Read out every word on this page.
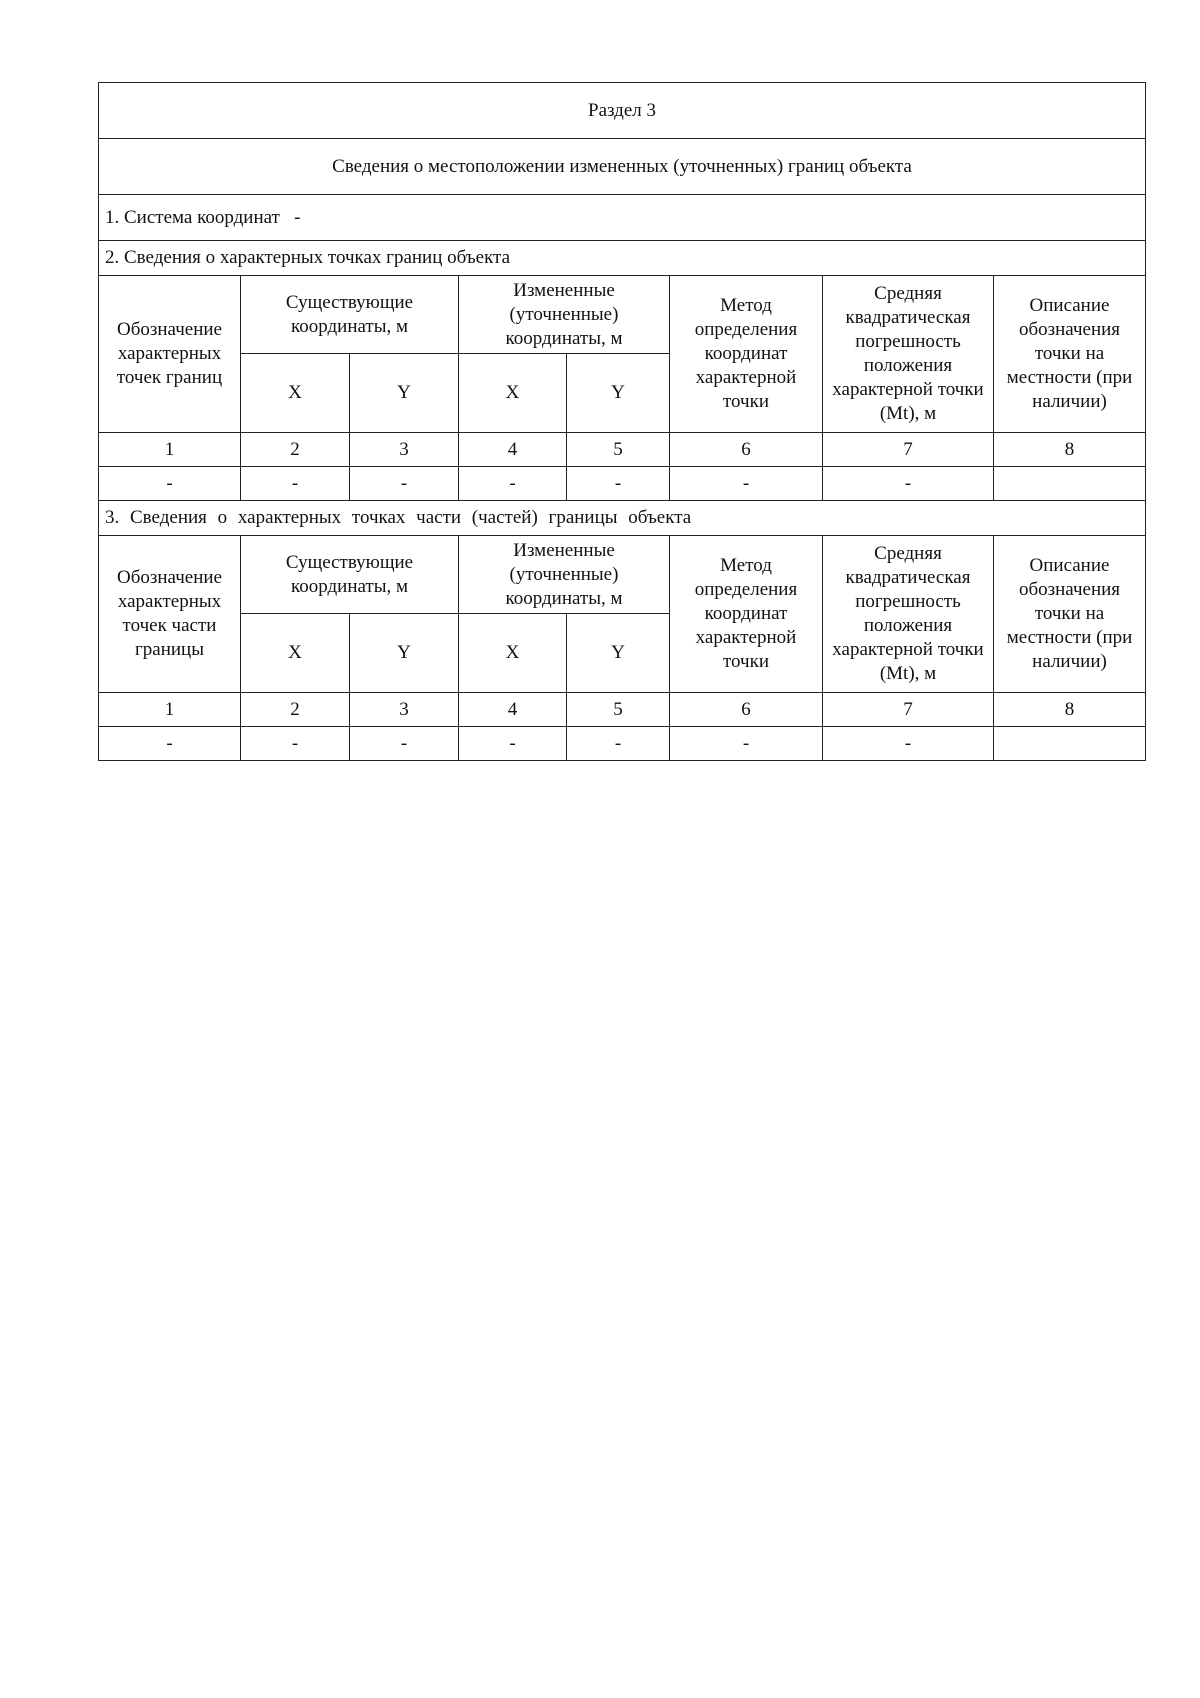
Раздел 3							
Сведения о местоположении измененных (уточненных) границ объекта							
1. Система координат -							
2. Сведения о характерных точках границ объекта							
Обозначение характерных точек границ	Существующие координаты, м		Измененные (уточненные) координаты, м		Метод определения координат характерной точки	Средняя квадратическая погрешность положения характерной точки (Mt), м	Описание обозначения точки на местности (при наличии)
	X	Y	X	Y			
1	2	3	4	5	6	7	8
-	-	-	-	-	-	-	
3. Сведения о характерных точках части (частей) границы объекта							
Обозначение характерных точек части границы	Существующие координаты, м		Измененные (уточненные) координаты, м		Метод определения координат характерной точки	Средняя квадратическая погрешность положения характерной точки (Mt), м	Описание обозначения точки на местности (при наличии)
	X	Y	X	Y			
1	2	3	4	5	6	7	8
-	-	-	-	-	-	-	
